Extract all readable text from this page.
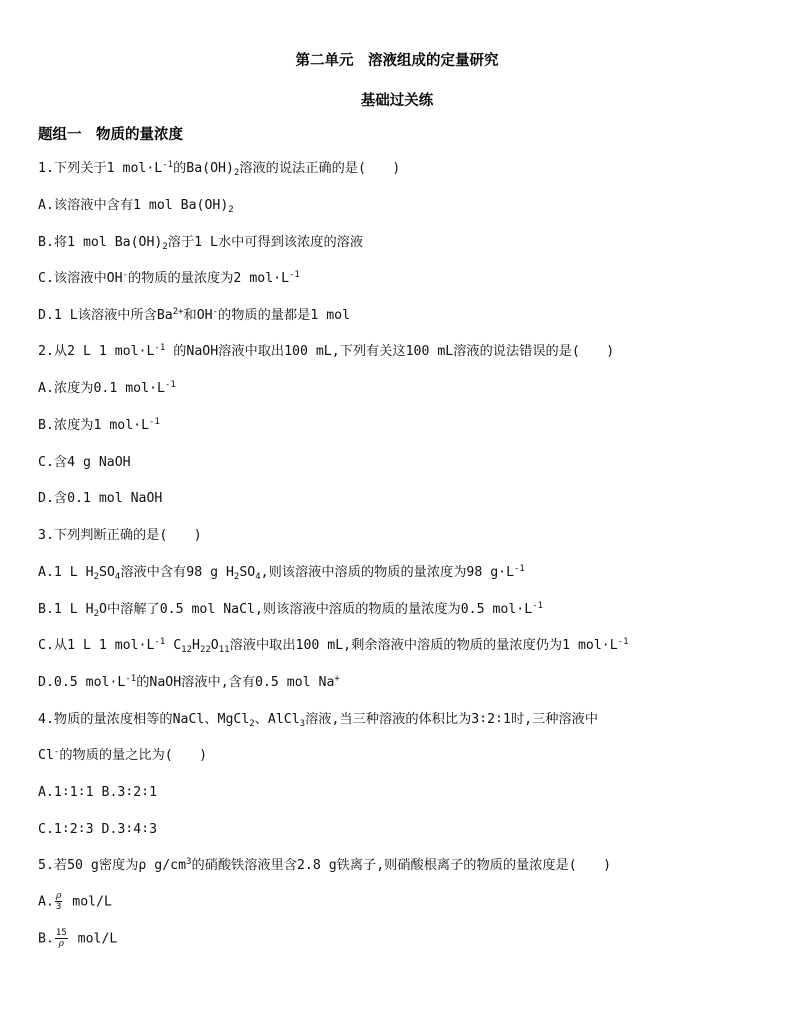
第二单元　溶液组成的定量研究
基础过关练
题组一　物质的量浓度
1.下列关于1 $mol\cdot L^{-1}$的$Ba(OH)_2$溶液的说法正确的是(　　)
A.该溶液中含有1 mol $Ba(OH)_2$
B.将1 mol $Ba(OH)_2$溶于1 L水中可得到该浓度的溶液
C.该溶液中OH-的物质的量浓度为2 $mol\cdot L^{-1}$
D.1 L该溶液中所含$Ba^{2+}$和OH-的物质的量都是1 mol
2.从2 L 1 $mol\cdot L^{-1}$ 的NaOH溶液中取出100 mL,下列有关这100 mL溶液的说法错误的是(　　)
A.浓度为0.1 $mol\cdot L^{-1}$
B.浓度为1 $mol\cdot L^{-1}$
C.含4 g NaOH
D.含0.1 mol NaOH
3.下列判断正确的是(　　)
A.1 L $H_2SO_4$溶液中含有98 g $H_2SO_4$,则该溶液中溶质的物质的量浓度为98 $g\cdot L^{-1}$
B.1 L $H_2O$中溶解了0.5 mol NaCl,则该溶液中溶质的物质的量浓度为0.5 $mol\cdot L^{-1}$
C.从1 L 1 $mol\cdot L^{-1}$ $C_{12}H_{22}O_{11}$溶液中取出100 mL,剩余溶液中溶质的物质的量浓度仍为1 $mol\cdot L^{-1}$
D.0.5 $mol\cdot L^{-1}$的NaOH溶液中,含有0.5 mol Na+
4.物质的量浓度相等的NaCl、MgCl$_2$、AlCl$_3$溶液,当三种溶液的体积比为3∶2∶1时,三种溶液中
Cl-的物质的量之比为(　　)
A.1∶1∶1 B.3∶2∶1
C.1∶2∶3 D.3∶4∶3
5.若50 g密度为ρ $g/cm^3$的硝酸铁溶液里含2.8 g铁离子,则硝酸根离子的物质的量浓度是(　　)
A. $\frac{\rho}{3} mol/L$
B. $\frac{15}{\rho} mol/L$
